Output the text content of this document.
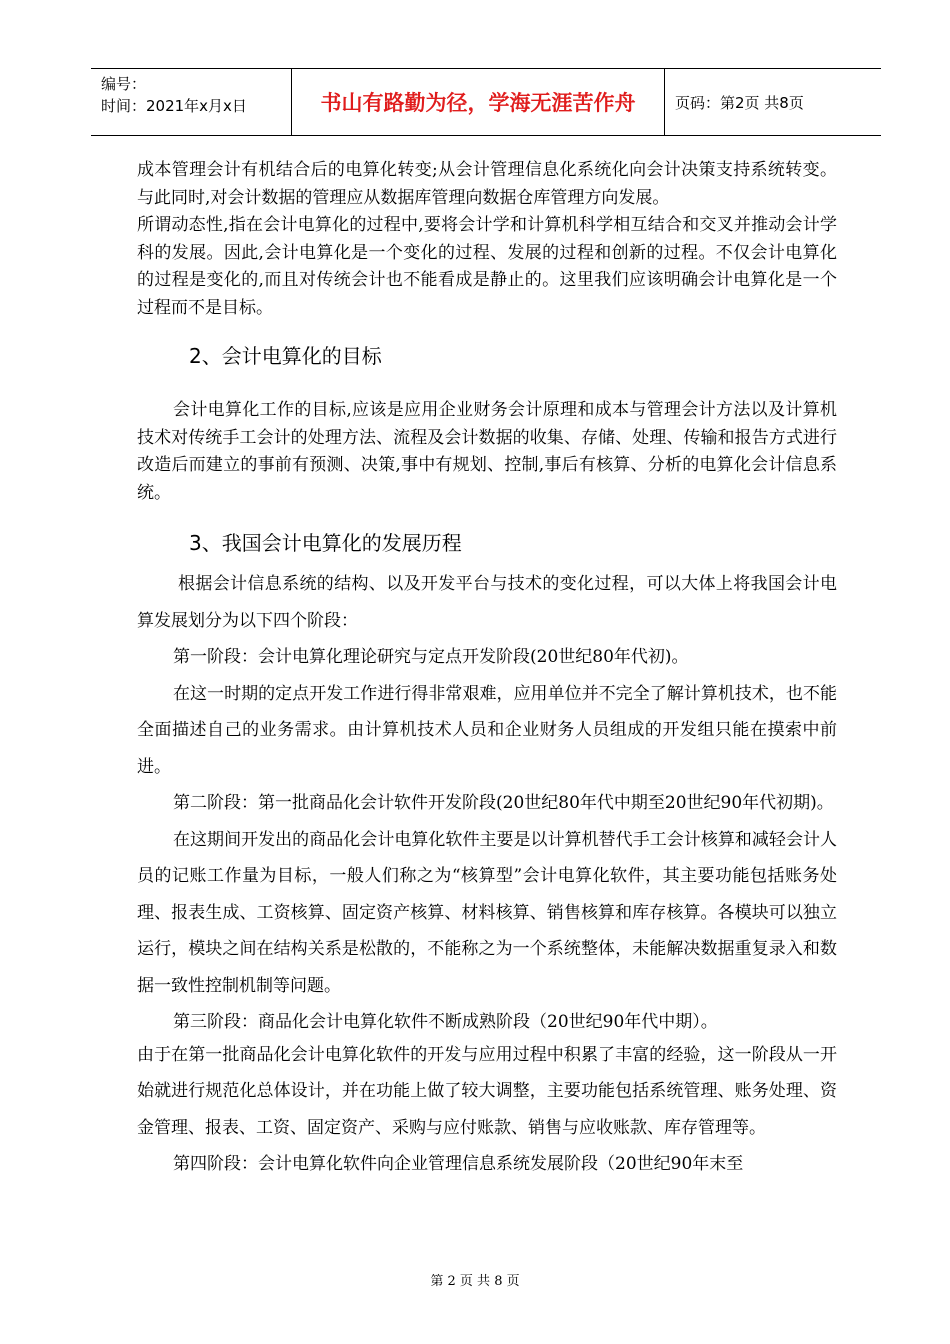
编号：
时间：2021年x月x日	书山有路勤为径，学海无涯苦作舟	页码：第2页 共8页

成本管理会计有机结合后的电算化转变;从会计管理信息化系统化向会计决策支持系统转变。与此同时,对会计数据的管理应从数据库管理向数据仓库管理方向发展。

所谓动态性,指在会计电算化的过程中,要将会计学和计算机科学相互结合和交叉并推动会计学科的发展。因此,会计电算化是一个变化的过程、发展的过程和创新的过程。不仅会计电算化的过程是变化的,而且对传统会计也不能看成是静止的。这里我们应该明确会计电算化是一个过程而不是目标。

2、会计电算化的目标

会计电算化工作的目标,应该是应用企业财务会计原理和成本与管理会计方法以及计算机技术对传统手工会计的处理方法、流程及会计数据的收集、存储、处理、传输和报告方式进行改造后而建立的事前有预测、决策,事中有规划、控制,事后有核算、分析的电算化会计信息系统。

3、我国会计电算化的发展历程

根据会计信息系统的结构、以及开发平台与技术的变化过程，可以大体上将我国会计电算发展划分为以下四个阶段：

第一阶段：会计电算化理论研究与定点开发阶段(20世纪80年代初)。

在这一时期的定点开发工作进行得非常艰难，应用单位并不完全了解计算机技术，也不能全面描述自己的业务需求。由计算机技术人员和企业财务人员组成的开发组只能在摸索中前进。

第二阶段：第一批商品化会计软件开发阶段(20世纪80年代中期至20世纪90年代初期)。

在这期间开发出的商品化会计电算化软件主要是以计算机替代手工会计核算和减轻会计人员的记账工作量为目标，一般人们称之为“核算型”会计电算化软件，其主要功能包括账务处理、报表生成、工资核算、固定资产核算、材料核算、销售核算和库存核算。各模块可以独立运行，模块之间在结构关系是松散的，不能称之为一个系统整体，未能解决数据重复录入和数据一致性控制机制等问题。

第三阶段：商品化会计电算化软件不断成熟阶段（20世纪90年代中期）。

由于在第一批商品化会计电算化软件的开发与应用过程中积累了丰富的经验，这一阶段从一开始就进行规范化总体设计，并在功能上做了较大调整，主要功能包括系统管理、账务处理、资金管理、报表、工资、固定资产、采购与应付账款、销售与应收账款、库存管理等。

第四阶段：会计电算化软件向企业管理信息系统发展阶段（20世纪90年末至

第 2 页 共 8 页
